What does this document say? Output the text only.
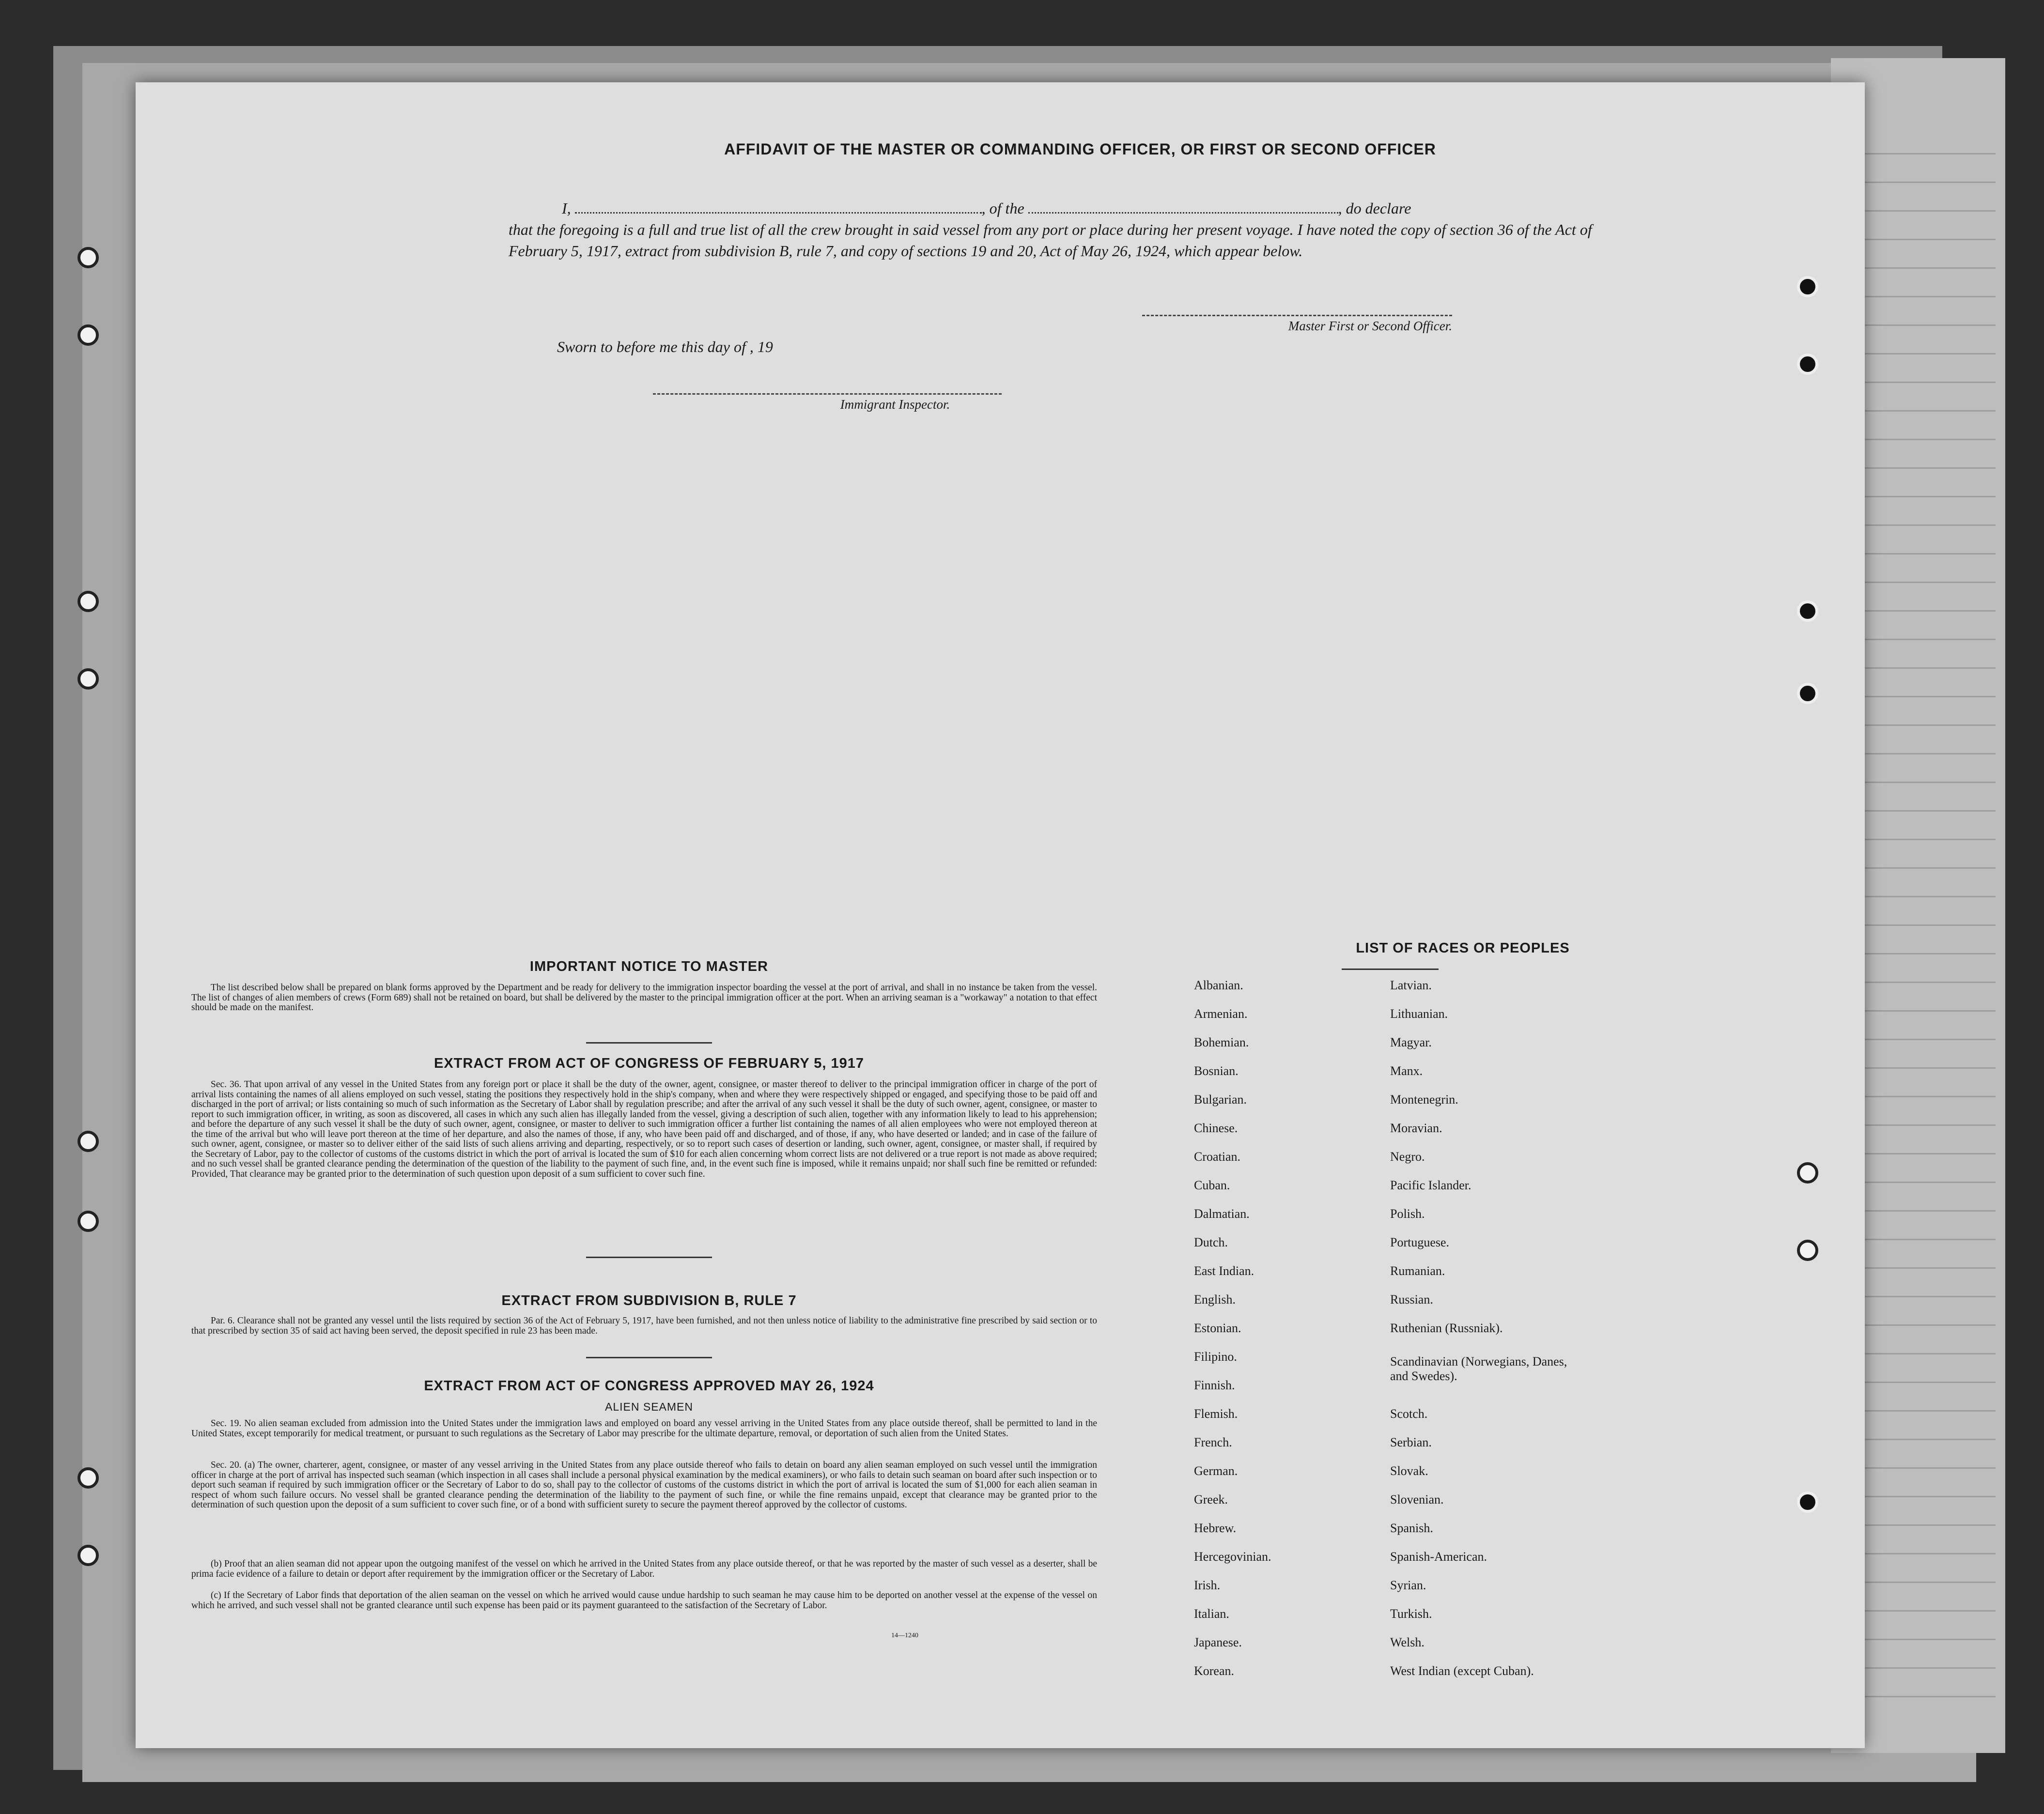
AFFIDAVIT OF THE MASTER OR COMMANDING OFFICER, OR FIRST OR SECOND OFFICER
I,	, of the	, do declare
that the foregoing is a full and true list of all the crew brought in said vessel from any port or place during her present voyage. I have noted the copy of section 36 of the Act of February 5, 1917, extract from subdivision B, rule 7, and copy of sections 19 and 20, Act of May 26, 1924, which appear below.
Master First or Second Officer.
Sworn to before me this day of , 19
Immigrant Inspector.
IMPORTANT NOTICE TO MASTER
The list described below shall be prepared on blank forms approved by the Department and be ready for delivery to the immigration inspector boarding the vessel at the port of arrival, and shall in no instance be taken from the vessel. The list of changes of alien members of crews (Form 689) shall not be retained on board, but shall be delivered by the master to the principal immigration officer at the port. When an arriving seaman is a "workaway" a notation to that effect should be made on the manifest.
EXTRACT FROM ACT OF CONGRESS OF FEBRUARY 5, 1917
Sec. 36. That upon arrival of any vessel in the United States from any foreign port or place it shall be the duty of the owner, agent, consignee, or master thereof to deliver to the principal immigration officer in charge of the port of arrival lists containing the names of all aliens employed on such vessel, stating the positions they respectively hold in the ship's company, when and where they were respectively shipped or engaged, and specifying those to be paid off and discharged in the port of arrival; or lists containing so much of such information as the Secretary of Labor shall by regulation prescribe; and after the arrival of any such vessel it shall be the duty of such owner, agent, consignee, or master to report to such immigration officer, in writing, as soon as discovered, all cases in which any such alien has illegally landed from the vessel, giving a description of such alien, together with any information likely to lead to his apprehension; and before the departure of any such vessel it shall be the duty of such owner, agent, consignee, or master to deliver to such immigration officer a further list containing the names of all alien employees who were not employed thereon at the time of the arrival but who will leave port thereon at the time of her departure, and also the names of those, if any, who have been paid off and discharged, and of those, if any, who have deserted or landed; and in case of the failure of such owner, agent, consignee, or master so to deliver either of the said lists of such aliens arriving and departing, respectively, or so to report such cases of desertion or landing, such owner, agent, consignee, or master shall, if required by the Secretary of Labor, pay to the collector of customs of the customs district in which the port of arrival is located the sum of $10 for each alien concerning whom correct lists are not delivered or a true report is not made as above required; and no such vessel shall be granted clearance pending the determination of the question of the liability to the payment of such fine, and, in the event such fine is imposed, while it remains unpaid; nor shall such fine be remitted or refunded: Provided, That clearance may be granted prior to the determination of such question upon deposit of a sum sufficient to cover such fine.
EXTRACT FROM SUBDIVISION B, RULE 7
Par. 6. Clearance shall not be granted any vessel until the lists required by section 36 of the Act of February 5, 1917, have been furnished, and not then unless notice of liability to the administrative fine prescribed by said section or to that prescribed by section 35 of said act having been served, the deposit specified in rule 23 has been made.
EXTRACT FROM ACT OF CONGRESS APPROVED MAY 26, 1924
ALIEN SEAMEN
Sec. 19. No alien seaman excluded from admission into the United States under the immigration laws and employed on board any vessel arriving in the United States from any place outside thereof, shall be permitted to land in the United States, except temporarily for medical treatment, or pursuant to such regulations as the Secretary of Labor may prescribe for the ultimate departure, removal, or deportation of such alien from the United States.
Sec. 20. (a) The owner, charterer, agent, consignee, or master of any vessel arriving in the United States from any place outside thereof who fails to detain on board any alien seaman employed on such vessel until the immigration officer in charge at the port of arrival has inspected such seaman (which inspection in all cases shall include a personal physical examination by the medical examiners), or who fails to detain such seaman on board after such inspection or to deport such seaman if required by such immigration officer or the Secretary of Labor to do so, shall pay to the collector of customs of the customs district in which the port of arrival is located the sum of $1,000 for each alien seaman in respect of whom such failure occurs. No vessel shall be granted clearance pending the determination of the liability to the payment of such fine, or while the fine remains unpaid, except that clearance may be granted prior to the determination of such question upon the deposit of a sum sufficient to cover such fine, or of a bond with sufficient surety to secure the payment thereof approved by the collector of customs.
(b) Proof that an alien seaman did not appear upon the outgoing manifest of the vessel on which he arrived in the United States from any place outside thereof, or that he was reported by the master of such vessel as a deserter, shall be prima facie evidence of a failure to detain or deport after requirement by the immigration officer or the Secretary of Labor.
(c) If the Secretary of Labor finds that deportation of the alien seaman on the vessel on which he arrived would cause undue hardship to such seaman he may cause him to be deported on another vessel at the expense of the vessel on which he arrived, and such vessel shall not be granted clearance until such expense has been paid or its payment guaranteed to the satisfaction of the Secretary of Labor.
14—1240
LIST OF RACES OR PEOPLES
Albanian.
Armenian.
Bohemian.
Bosnian.
Bulgarian.
Chinese.
Croatian.
Cuban.
Dalmatian.
Dutch.
East Indian.
English.
Estonian.
Filipino.
Finnish.
Flemish.
French.
German.
Greek.
Hebrew.
Hercegovinian.
Irish.
Italian.
Japanese.
Korean.
Latvian.
Lithuanian.
Magyar.
Manx.
Montenegrin.
Moravian.
Negro.
Pacific Islander.
Polish.
Portuguese.
Rumanian.
Russian.
Ruthenian (Russniak).
Scandinavian (Norwegians, Danes, and Swedes).
Scotch.
Serbian.
Slovak.
Slovenian.
Spanish.
Spanish-American.
Syrian.
Turkish.
Welsh.
West Indian (except Cuban).
